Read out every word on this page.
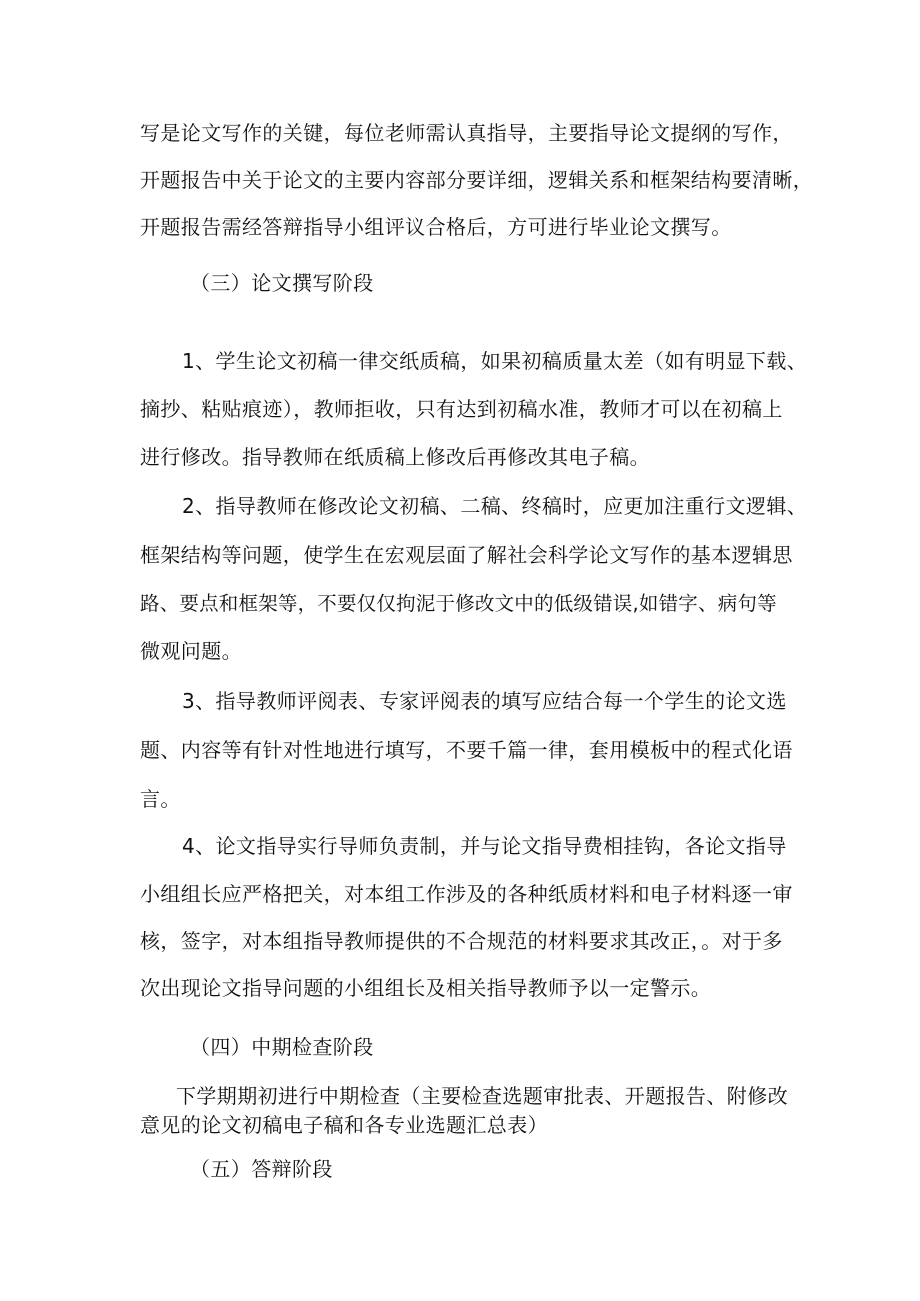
写是论文写作的关键，每位老师需认真指导，主要指导论文提纲的写作，
开题报告中关于论文的主要内容部分要详细，逻辑关系和框架结构要清晰，
开题报告需经答辩指导小组评议合格后，方可进行毕业论文撰写。
（三）论文撰写阶段
1、学生论文初稿一律交纸质稿，如果初稿质量太差（如有明显下载、
摘抄、粘贴痕迹），教师拒收，只有达到初稿水准，教师才可以在初稿上
进行修改。指导教师在纸质稿上修改后再修改其电子稿。
2、指导教师在修改论文初稿、二稿、终稿时，应更加注重行文逻辑、
框架结构等问题，使学生在宏观层面了解社会科学论文写作的基本逻辑思
路、要点和框架等，不要仅仅拘泥于修改文中的低级错误,如错字、病句等
微观问题。
3、指导教师评阅表、专家评阅表的填写应结合每一个学生的论文选
题、内容等有针对性地进行填写，不要千篇一律，套用模板中的程式化语
言。
4、论文指导实行导师负责制，并与论文指导费相挂钩，各论文指导
小组组长应严格把关，对本组工作涉及的各种纸质材料和电子材料逐一审
核，签字，对本组指导教师提供的不合规范的材料要求其改正，。对于多
次出现论文指导问题的小组组长及相关指导教师予以一定警示。
（四）中期检查阶段
下学期期初进行中期检查（主要检查选题审批表、开题报告、附修改
意见的论文初稿电子稿和各专业选题汇总表）
（五）答辩阶段
